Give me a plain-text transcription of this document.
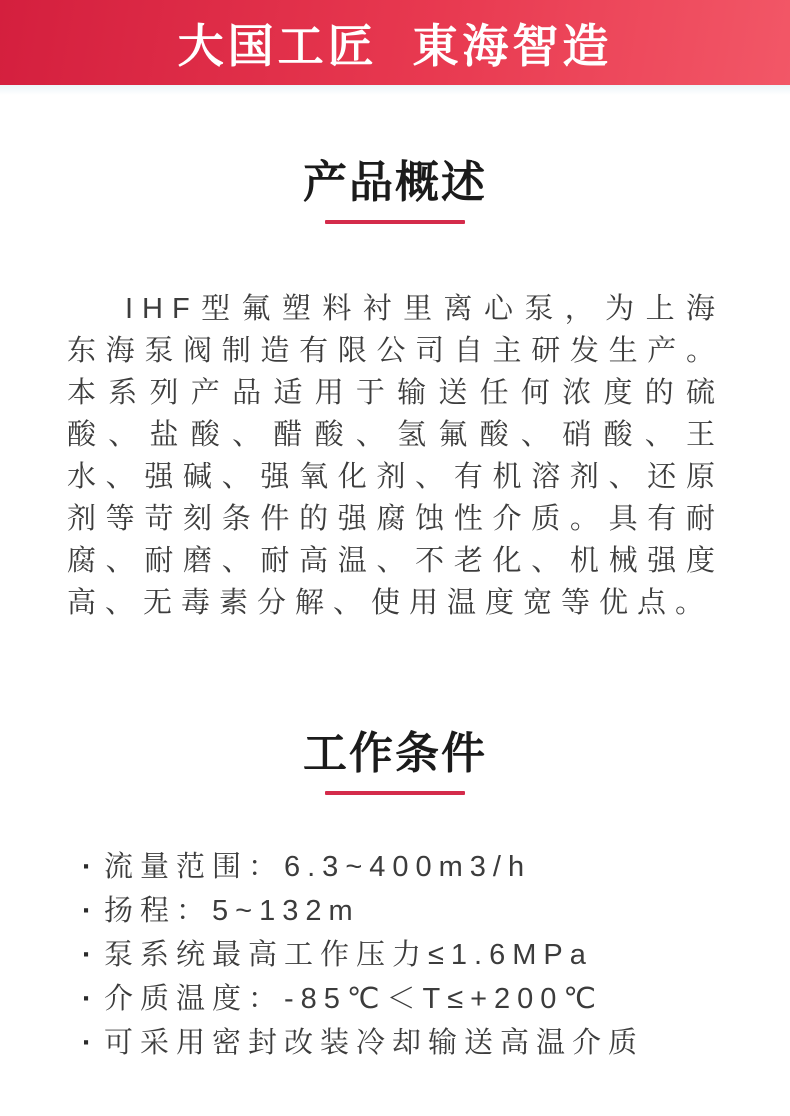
大国工匠 東海智造
产品概述

IHF型氟塑料衬里离心泵，为上海东海泵阀制造有限公司自主研发生产。本系列产品适用于输送任何浓度的硫酸、盐酸、醋酸、氢氟酸、硝酸、王水、强碱、强氧化剂、有机溶剂、还原剂等苛刻条件的强腐蚀性介质。具有耐腐、耐磨、耐高温、不老化、机械强度高、无毒素分解、使用温度宽等优点。

工作条件
· 流量范围：6.3~400m3/h
· 扬程：5~132m
· 泵系统最高工作压力≤1.6MPa
· 介质温度：-85℃＜T≤+200℃
· 可采用密封改装冷却输送高温介质
